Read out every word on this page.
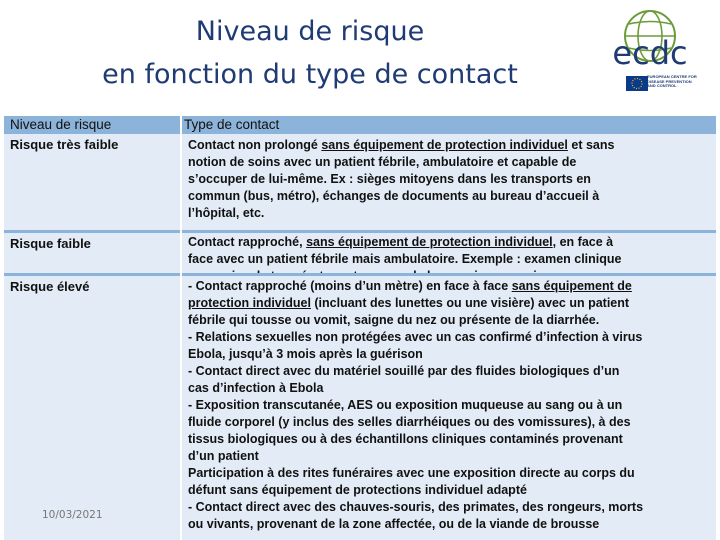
Niveau de risque
en fonction du type de contact
ecdc
EUROPEAN CENTRE FOR
DISEASE PREVENTION
AND CONTROL
Niveau de risque	Type de contact
Risque très faible	Contact non prolongé sans équipement de protection individuel et sans
notion de soins avec un patient fébrile, ambulatoire et capable de
s’occuper de lui-même. Ex : sièges mitoyens dans les transports en
commun (bus, métro), échanges de documents au bureau d’accueil à
l’hôpital, etc.
Risque faible	Contact rapproché, sans équipement de protection individuel, en face à
face avec un patient fébrile mais ambulatoire. Exemple : examen clinique
Risque élevé	- Contact rapproché (moins d’un mètre) en face à face sans équipement de
protection individuel (incluant des lunettes ou une visière) avec un patient
fébrile qui tousse ou vomit, saigne du nez ou présente de la diarrhée.
- Relations sexuelles non protégées avec un cas confirmé d’infection à virus
Ebola, jusqu’à 3 mois après la guérison
- Contact direct avec du matériel souillé par des fluides biologiques d’un
cas d’infection à Ebola
- Exposition transcutanée, AES ou exposition muqueuse au sang ou à un
fluide corporel (y inclus des selles diarrhéiques ou des vomissures), à des
tissus biologiques ou à des échantillons cliniques contaminés provenant
d’un patient
Participation à des rites funéraires avec une exposition directe au corps du
défunt sans équipement de protections individuel adapté
- Contact direct avec des chauves-souris, des primates, des rongeurs, morts
ou vivants, provenant de la zone affectée, ou de la viande de brousse
10/03/2021
